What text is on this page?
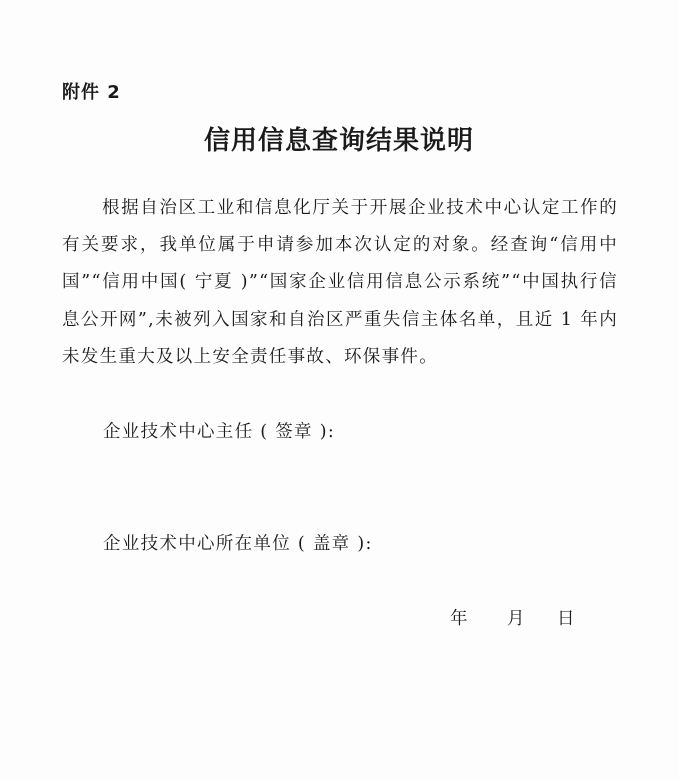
附件 2
信用信息查询结果说明

根据自治区工业和信息化厅关于开展企业技术中心认定工作的有关要求，我单位属于申请参加本次认定的对象。经查询“信用中国”“信用中国( 宁夏 )”“国家企业信用信息公示系统”“中国执行信息公开网”,未被列入国家和自治区严重失信主体名单，且近 1 年内未发生重大及以上安全责任事故、环保事件。

企业技术中心主任 ( 签章 ):
企业技术中心所在单位 ( 盖章 ):
年 月 日
